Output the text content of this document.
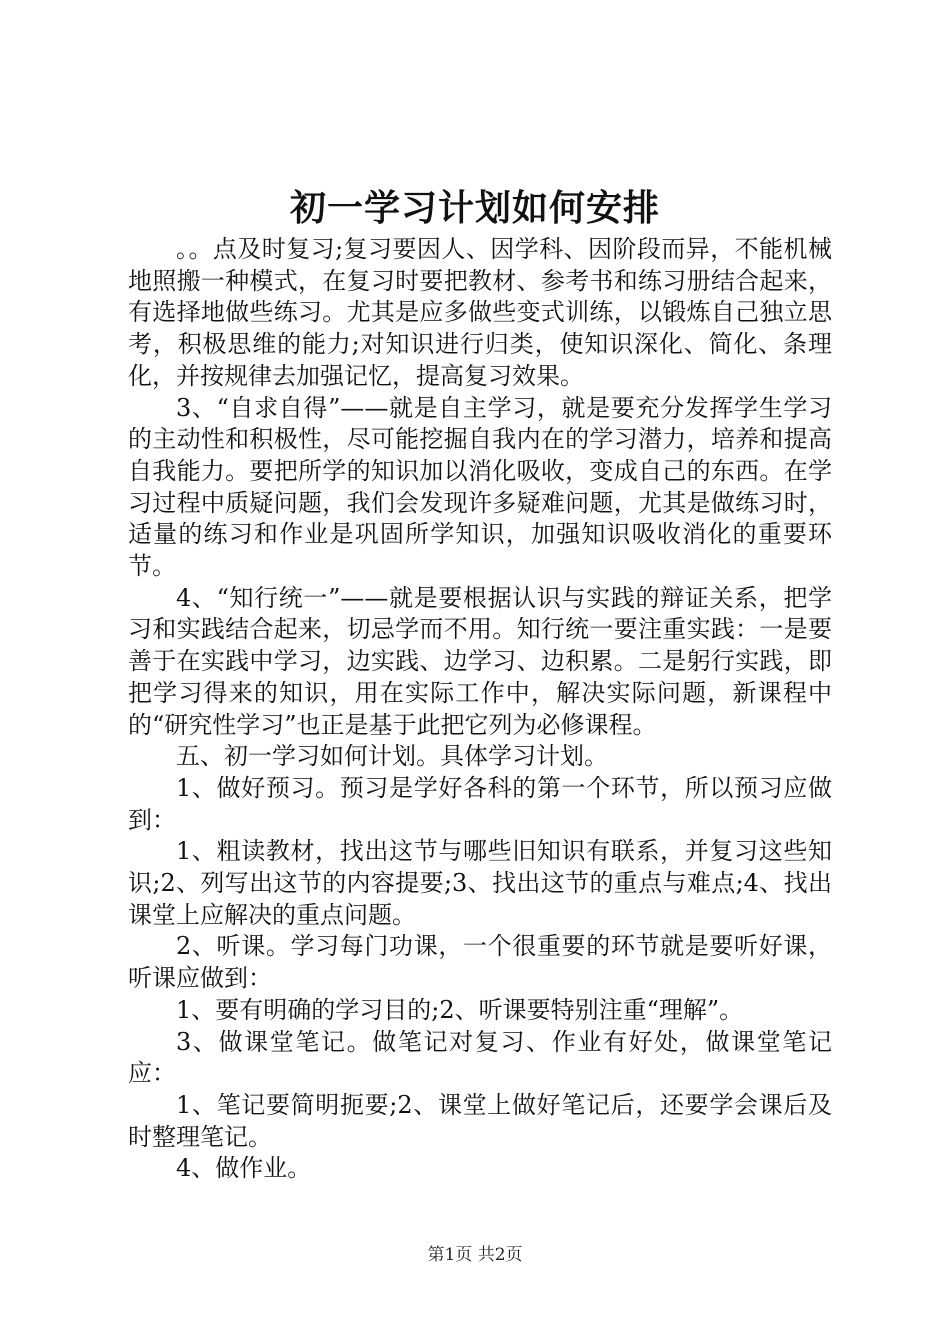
初一学习计划如何安排

。。点及时复习;复习要因人、因学科、因阶段而异，不能机械地照搬一种模式，在复习时要把教材、参考书和练习册结合起来，有选择地做些练习。尤其是应多做些变式训练，以锻炼自己独立思考，积极思维的能力;对知识进行归类，使知识深化、简化、条理化，并按规律去加强记忆，提高复习效果。

3、“自求自得”——就是自主学习，就是要充分发挥学生学习的主动性和积极性，尽可能挖掘自我内在的学习潜力，培养和提高自我能力。要把所学的知识加以消化吸收，变成自己的东西。在学习过程中质疑问题，我们会发现许多疑难问题，尤其是做练习时，适量的练习和作业是巩固所学知识，加强知识吸收消化的重要环节。

4、“知行统一”——就是要根据认识与实践的辩证关系，把学习和实践结合起来，切忌学而不用。知行统一要注重实践：一是要善于在实践中学习，边实践、边学习、边积累。二是躬行实践，即把学习得来的知识，用在实际工作中，解决实际问题，新课程中的“研究性学习”也正是基于此把它列为必修课程。

五、初一学习如何计划。具体学习计划。

1、做好预习。预习是学好各科的第一个环节，所以预习应做到：

1、粗读教材，找出这节与哪些旧知识有联系，并复习这些知识;2、列写出这节的内容提要;3、找出这节的重点与难点;4、找出课堂上应解决的重点问题。

2、听课。学习每门功课，一个很重要的环节就是要听好课，听课应做到：

1、要有明确的学习目的;2、听课要特别注重“理解”。

3、做课堂笔记。做笔记对复习、作业有好处，做课堂笔记应：

1、笔记要简明扼要;2、课堂上做好笔记后，还要学会课后及时整理笔记。

4、做作业。

第1页 共2页
